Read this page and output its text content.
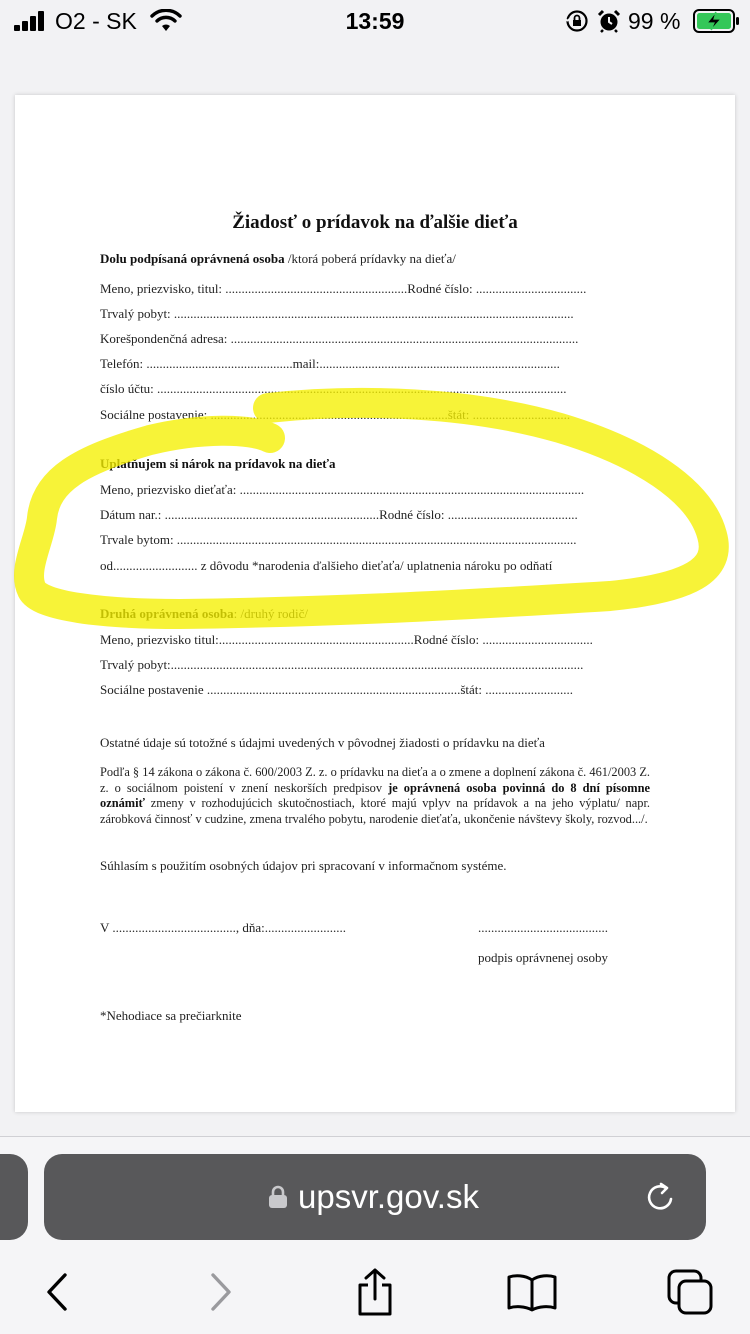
O2 - SK	13:59	99 %
Žiadosť o prídavok na ďalšie dieťa
Dolu podpísaná oprávnená osoba /ktorá poberá prídavky na dieťa/
Meno, priezvisko, titul: ........................................................Rodné číslo: ..................................
Trvalý pobyt: ...........................................................................................................................
Korešpondenčná adresa: ...........................................................................................................
Telefón: .............................................mail:..........................................................................
číslo účtu: ..............................................................................................................................
Sociálne postavenie: .........................................................................štát: ..............................
Uplatňujem si nárok na prídavok na dieťa
Meno, priezvisko dieťaťa: ..........................................................................................................
Dátum nar.: ..................................................................Rodné číslo: ........................................
Trvale bytom: ...........................................................................................................................
od.......................... z dôvodu *narodenia ďalšieho dieťaťa/ uplatnenia nároku po odňatí
Druhá oprávnená osoba: /druhý rodič/
Meno, priezvisko titul:............................................................Rodné číslo: ..................................
Trvalý pobyt:...............................................................................................................................
Sociálne postavenie ..............................................................................štát: ...........................
Ostatné údaje sú totožné s údajmi uvedených v pôvodnej žiadosti o prídavku na dieťa
Podľa § 14 zákona o zákona č. 600/2003 Z. z. o prídavku na dieťa a o zmene a doplnení zákona č. 461/2003 Z. z. o sociálnom poistení v znení neskorších predpisov je oprávnená osoba povinná do 8 dní písomne oznámiť zmeny v rozhodujúcich skutočnostiach, ktoré majú vplyv na prídavok a na jeho výplatu/ napr. zárobková činnosť v cudzine, zmena trvalého pobytu, narodenie dieťaťa, ukončenie návštevy školy, rozvod.../.
Súhlasím s použitím osobných údajov pri spracovaní v informačnom systéme.
V ......................................, dňa:.........................	........................................
podpis oprávnenej osoby
*Nehodiace sa prečiarknite
upsvr.gov.sk
